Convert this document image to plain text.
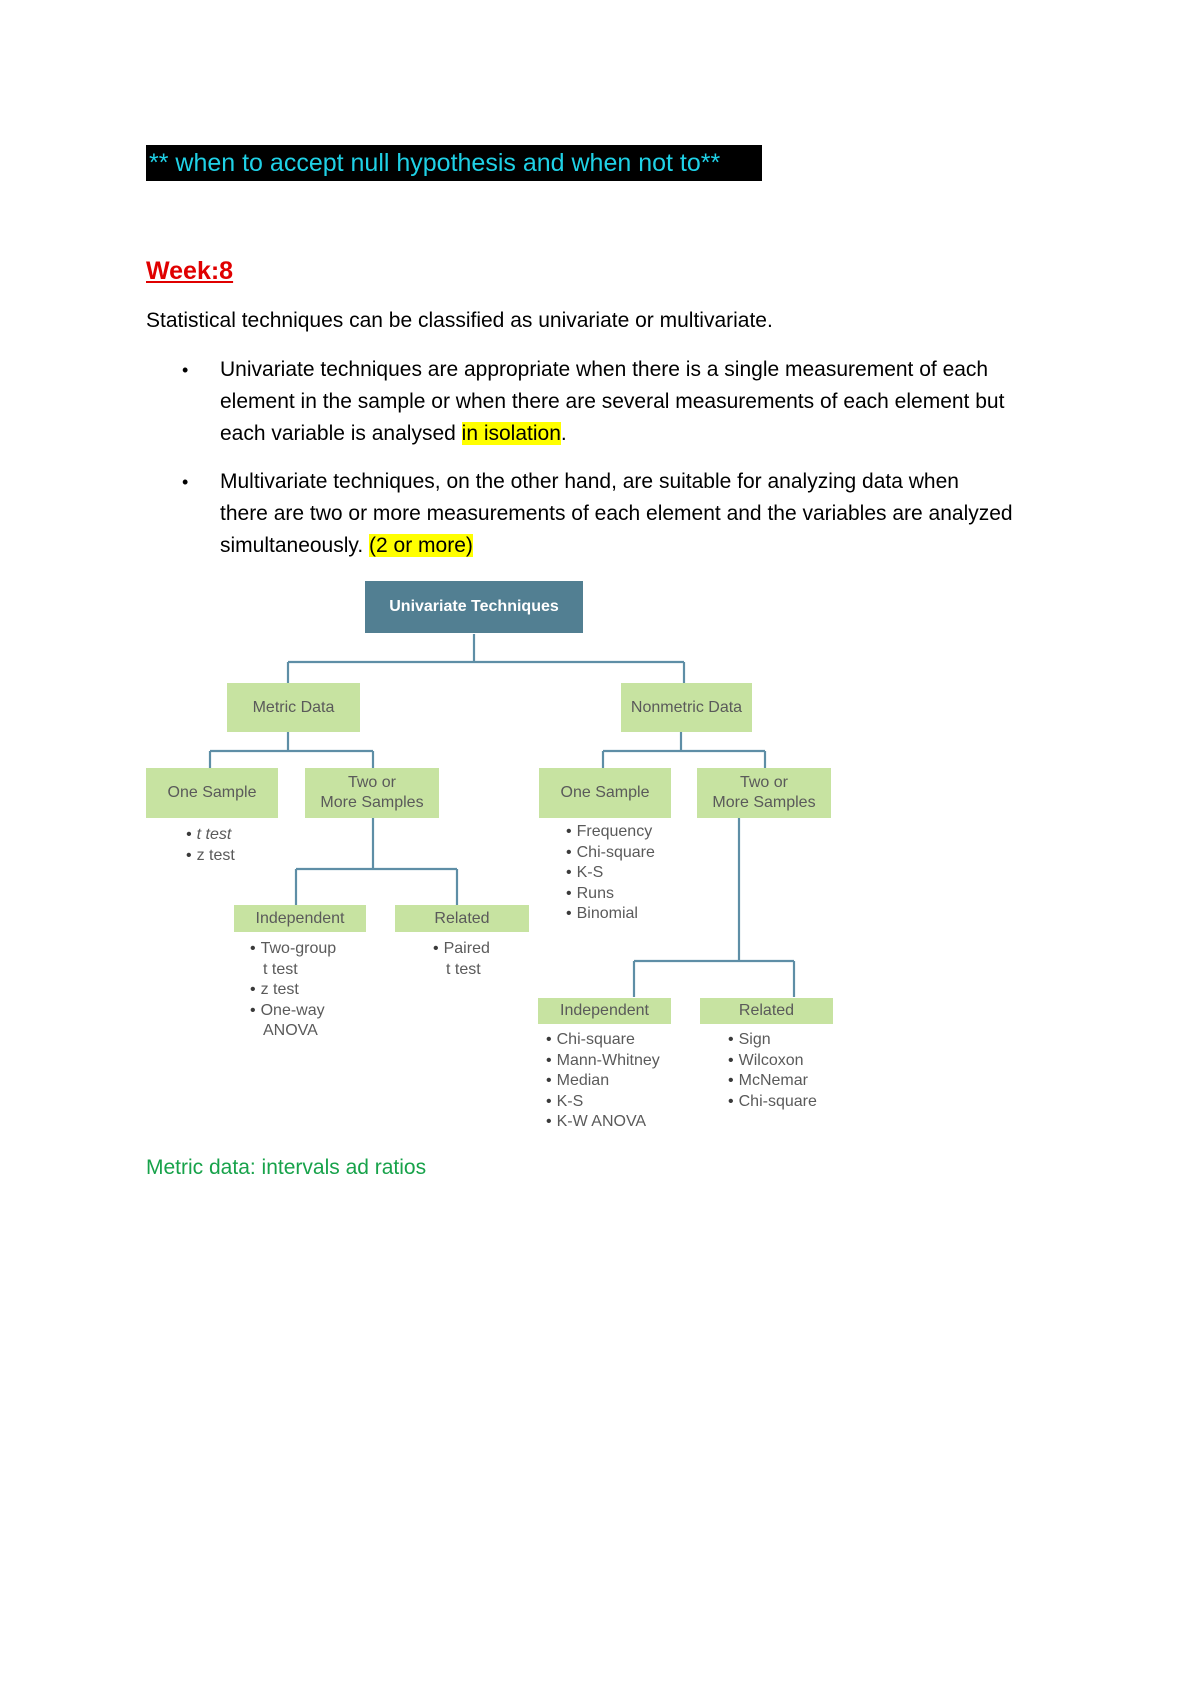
** when to accept null hypothesis and when not to**
Week:8
Statistical techniques can be classified as univariate or multivariate.
• Univariate techniques are appropriate when there is a single measurement of each
element in the sample or when there are several measurements of each element but
each variable is analysed in isolation.
• Multivariate techniques, on the other hand, are suitable for analyzing data when
there are two or more measurements of each element and the variables are analyzed
simultaneously. (2 or more)
Univariate Techniques
Metric Data	Nonmetric Data
One Sample
Two or
More Samples
One Sample
Two or
More Samples
Independent	Related
Independent	Related
• t test
• z test
• Two-group
t test
• z test
• One-way
ANOVA
• Paired
t test
• Frequency
• Chi-square
• K-S
• Runs
• Binomial
• Chi-square
• Mann-Whitney
• Median
• K-S
• K-W ANOVA
• Sign
• Wilcoxon
• McNemar
• Chi-square
Metric data: intervals ad ratios
